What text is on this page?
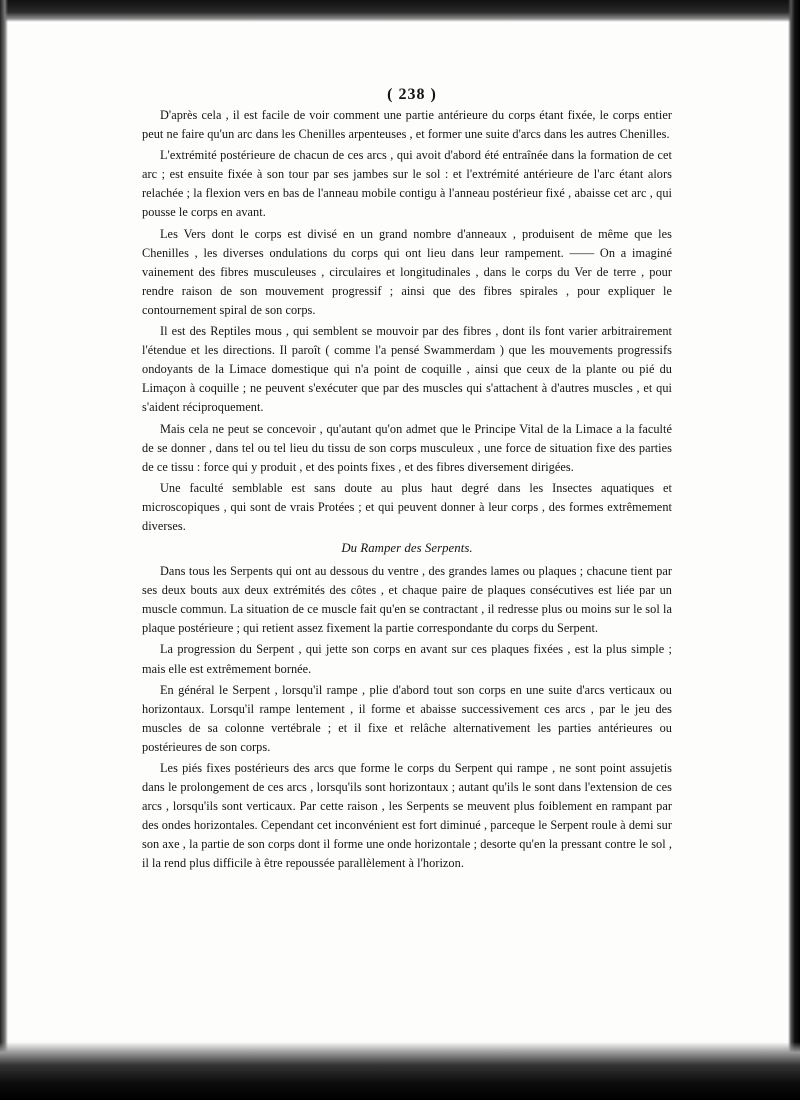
( 238 )

D'après cela , il est facile de voir comment une partie antérieure du corps étant fixée, le corps entier peut ne faire qu'un arc dans les Chenilles arpenteuses , et former une suite d'arcs dans les autres Chenilles.

L'extrémité postérieure de chacun de ces arcs , qui avoit d'abord été entraînée dans la formation de cet arc ; est ensuite fixée à son tour par ses jambes sur le sol : et l'extrémité antérieure de l'arc étant alors relachée ; la flexion vers en bas de l'anneau mobile contigu à l'anneau postérieur fixé , abaisse cet arc , qui pousse le corps en avant.

Les Vers dont le corps est divisé en un grand nombre d'anneaux , produisent de même que les Chenilles , les diverses ondulations du corps qui ont lieu dans leur rampement. —— On a imaginé vainement des fibres musculeuses , circulaires et longitudinales , dans le corps du Ver de terre , pour rendre raison de son mouvement progressif ; ainsi que des fibres spirales , pour expliquer le contournement spiral de son corps.

Il est des Reptiles mous , qui semblent se mouvoir par des fibres , dont ils font varier arbitrairement l'étendue et les directions. Il paroît ( comme l'a pensé Swammerdam ) que les mouvements progressifs ondoyants de la Limace domestique qui n'a point de coquille , ainsi que ceux de la plante ou pié du Limaçon à coquille ; ne peuvent s'exécuter que par des muscles qui s'attachent à d'autres muscles , et qui s'aident réciproquement.

Mais cela ne peut se concevoir , qu'autant qu'on admet que le Principe Vital de la Limace a la faculté de se donner , dans tel ou tel lieu du tissu de son corps musculeux , une force de situation fixe des parties de ce tissu : force qui y produit , et des points fixes , et des fibres diversement dirigées.

Une faculté semblable est sans doute au plus haut degré dans les Insectes aquatiques et microscopiques , qui sont de vrais Protées ; et qui peuvent donner à leur corps , des formes extrêmement diverses.

Du Ramper des Serpents.

Dans tous les Serpents qui ont au dessous du ventre , des grandes lames ou plaques ; chacune tient par ses deux bouts aux deux extrémités des côtes , et chaque paire de plaques consécutives est liée par un muscle commun. La situation de ce muscle fait qu'en se contractant , il redresse plus ou moins sur le sol la plaque postérieure ; qui retient assez fixement la partie correspondante du corps du Serpent.

La progression du Serpent , qui jette son corps en avant sur ces plaques fixées , est la plus simple ; mais elle est extrêmement bornée.

En général le Serpent , lorsqu'il rampe , plie d'abord tout son corps en une suite d'arcs verticaux ou horizontaux. Lorsqu'il rampe lentement , il forme et abaisse successivement ces arcs , par le jeu des muscles de sa colonne vertébrale ; et il fixe et relâche alternativement les parties antérieures ou postérieures de son corps.

Les piés fixes postérieurs des arcs que forme le corps du Serpent qui rampe , ne sont point assujetis dans le prolongement de ces arcs , lorsqu'ils sont horizontaux ; autant qu'ils le sont dans l'extension de ces arcs , lorsqu'ils sont verticaux. Par cette raison , les Serpents se meuvent plus foiblement en rampant par des ondes horizontales. Cependant cet inconvénient est fort diminué , parceque le Serpent roule à demi sur son axe , la partie de son corps dont il forme une onde horizontale ; desorte qu'en la pressant contre le sol , il la rend plus difficile à être repoussée parallèlement à l'horizon.
